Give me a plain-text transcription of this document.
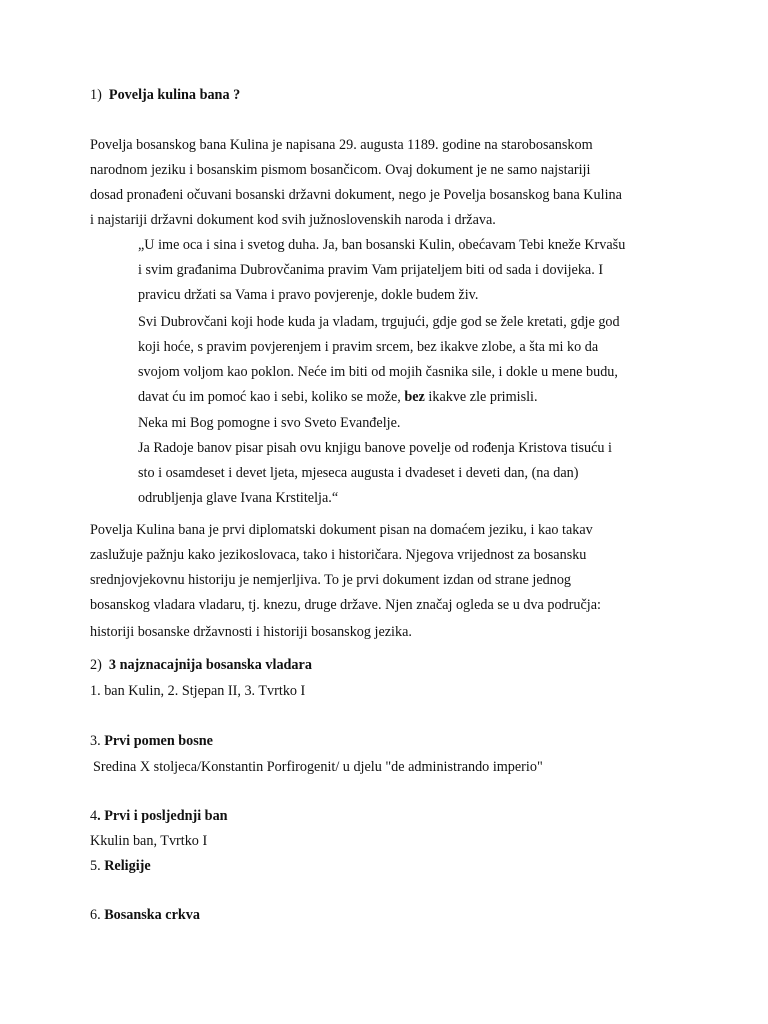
1) Povelja kulina bana ?
Povelja bosanskog bana Kulina je napisana 29. augusta 1189. godine na starobosanskom
narodnom jeziku i bosanskim pismom bosančicom. Ovaj dokument je ne samo najstariji
dosad pronađeni očuvani bosanski državni dokument, nego je Povelja bosanskog bana Kulina
i najstariji državni dokument kod svih južnoslovenskih naroda i država.
„U ime oca i sina i svetog duha. Ja, ban bosanski Kulin, obećavam Tebi kneže Krvašu
i svim građanima Dubrovčanima pravim Vam prijateljem biti od sada i dovijeka. I
pravicu držati sa Vama i pravo povjerenje, dokle budem živ.
Svi Dubrovčani koji hode kuda ja vladam, trgujući, gdje god se žele kretati, gdje god
koji hoće, s pravim povjerenjem i pravim srcem, bez ikakve zlobe, a šta mi ko da
svojom voljom kao poklon. Neće im biti od mojih časnika sile, i dokle u mene budu,
davat ću im pomoć kao i sebi, koliko se može, bez ikakve zle primisli.
Neka mi Bog pomogne i svo Sveto Evanđelje.
Ja Radoje banov pisar pisah ovu knjigu banove povelje od rođenja Kristova tisuću i
sto i osamdeset i devet ljeta, mjeseca augusta i dvadeset i deveti dan, (na dan)
odrubljenja glave Ivana Krstitelja.“
Povelja Kulina bana je prvi diplomatski dokument pisan na domaćem jeziku, i kao takav
zaslužuje pažnju kako jezikoslovaca, tako i historičara. Njegova vrijednost za bosansku
srednjovjekovnu historiju je nemjerljiva. To je prvi dokument izdan od strane jednog
bosanskog vladara vladaru, tj. knezu, druge države. Njen značaj ogleda se u dva područja:
historiji bosanske državnosti i historiji bosanskog jezika.
2) 3 najznacajnija bosanska vladara
1. ban Kulin, 2. Stjepan II, 3. Tvrtko I
3. Prvi pomen bosne
Sredina X stoljeca/Konstantin Porfirogenit/ u djelu "de administrando imperio"
4. Prvi i posljednji ban
Kkulin ban, Tvrtko I
5. Religije
6. Bosanska crkva
